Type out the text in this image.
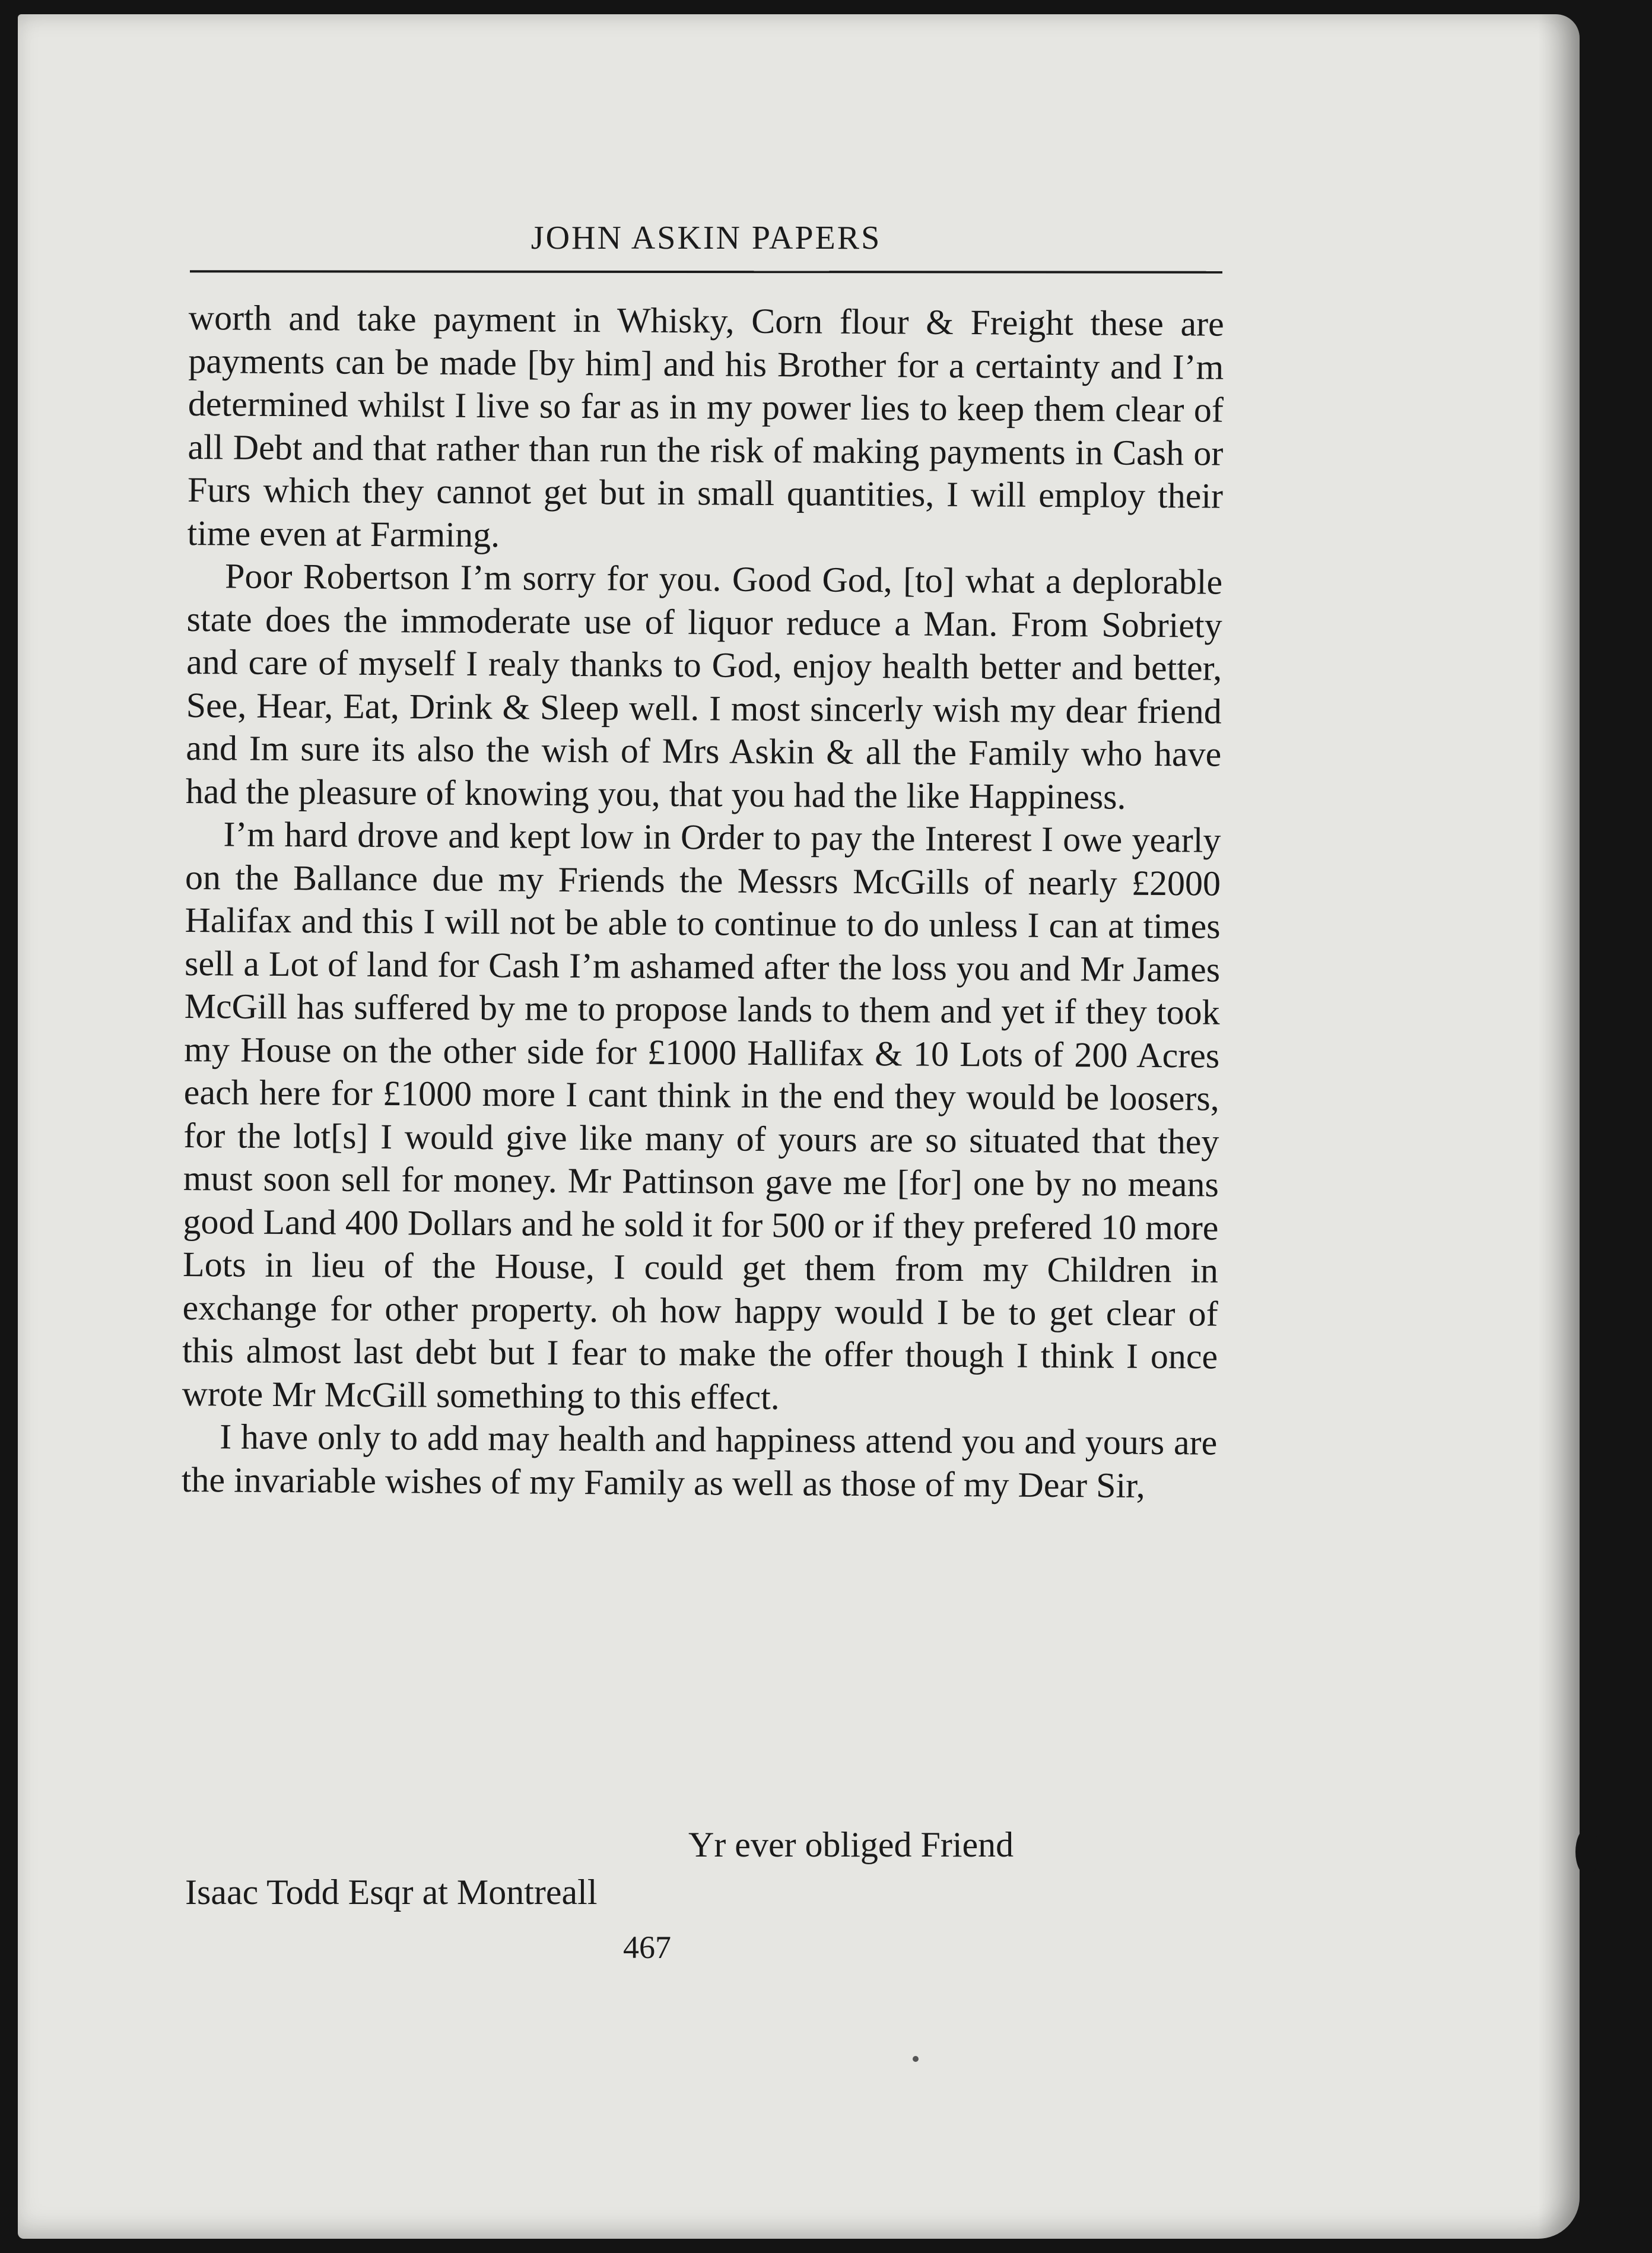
JOHN ASKIN PAPERS

worth and take payment in Whisky, Corn flour & Freight these are payments can be made [by him] and his Brother for a certainty and I’m determined whilst I live so far as in my power lies to keep them clear of all Debt and that rather than run the risk of making payments in Cash or Furs which they cannot get but in small quantities, I will employ their time even at Farming.

Poor Robertson I’m sorry for you. Good God, [to] what a deplorable state does the immoderate use of liquor reduce a Man. From Sobriety and care of myself I realy thanks to God, enjoy health better and better, See, Hear, Eat, Drink & Sleep well. I most sincerly wish my dear friend and Im sure its also the wish of Mrs Askin & all the Family who have had the pleasure of knowing you, that you had the like Happiness.

I’m hard drove and kept low in Order to pay the Interest I owe yearly on the Ballance due my Friends the Messrs McGills of nearly £2000 Halifax and this I will not be able to continue to do unless I can at times sell a Lot of land for Cash I’m ashamed after the loss you and Mr James McGill has suffered by me to propose lands to them and yet if they took my House on the other side for £1000 Hallifax & 10 Lots of 200 Acres each here for £1000 more I cant think in the end they would be loosers, for the lot[s] I would give like many of yours are so situated that they must soon sell for money. Mr Pattinson gave me [for] one by no means good Land 400 Dollars and he sold it for 500 or if they prefered 10 more Lots in lieu of the House, I could get them from my Children in exchange for other property. oh how happy would I be to get clear of this almost last debt but I fear to make the offer though I think I once wrote Mr McGill something to this effect.

I have only to add may health and happiness attend you and yours are the invariable wishes of my Family as well as those of my Dear Sir,

Yr ever obliged Friend
Isaac Todd Esqr at Montreall
467
